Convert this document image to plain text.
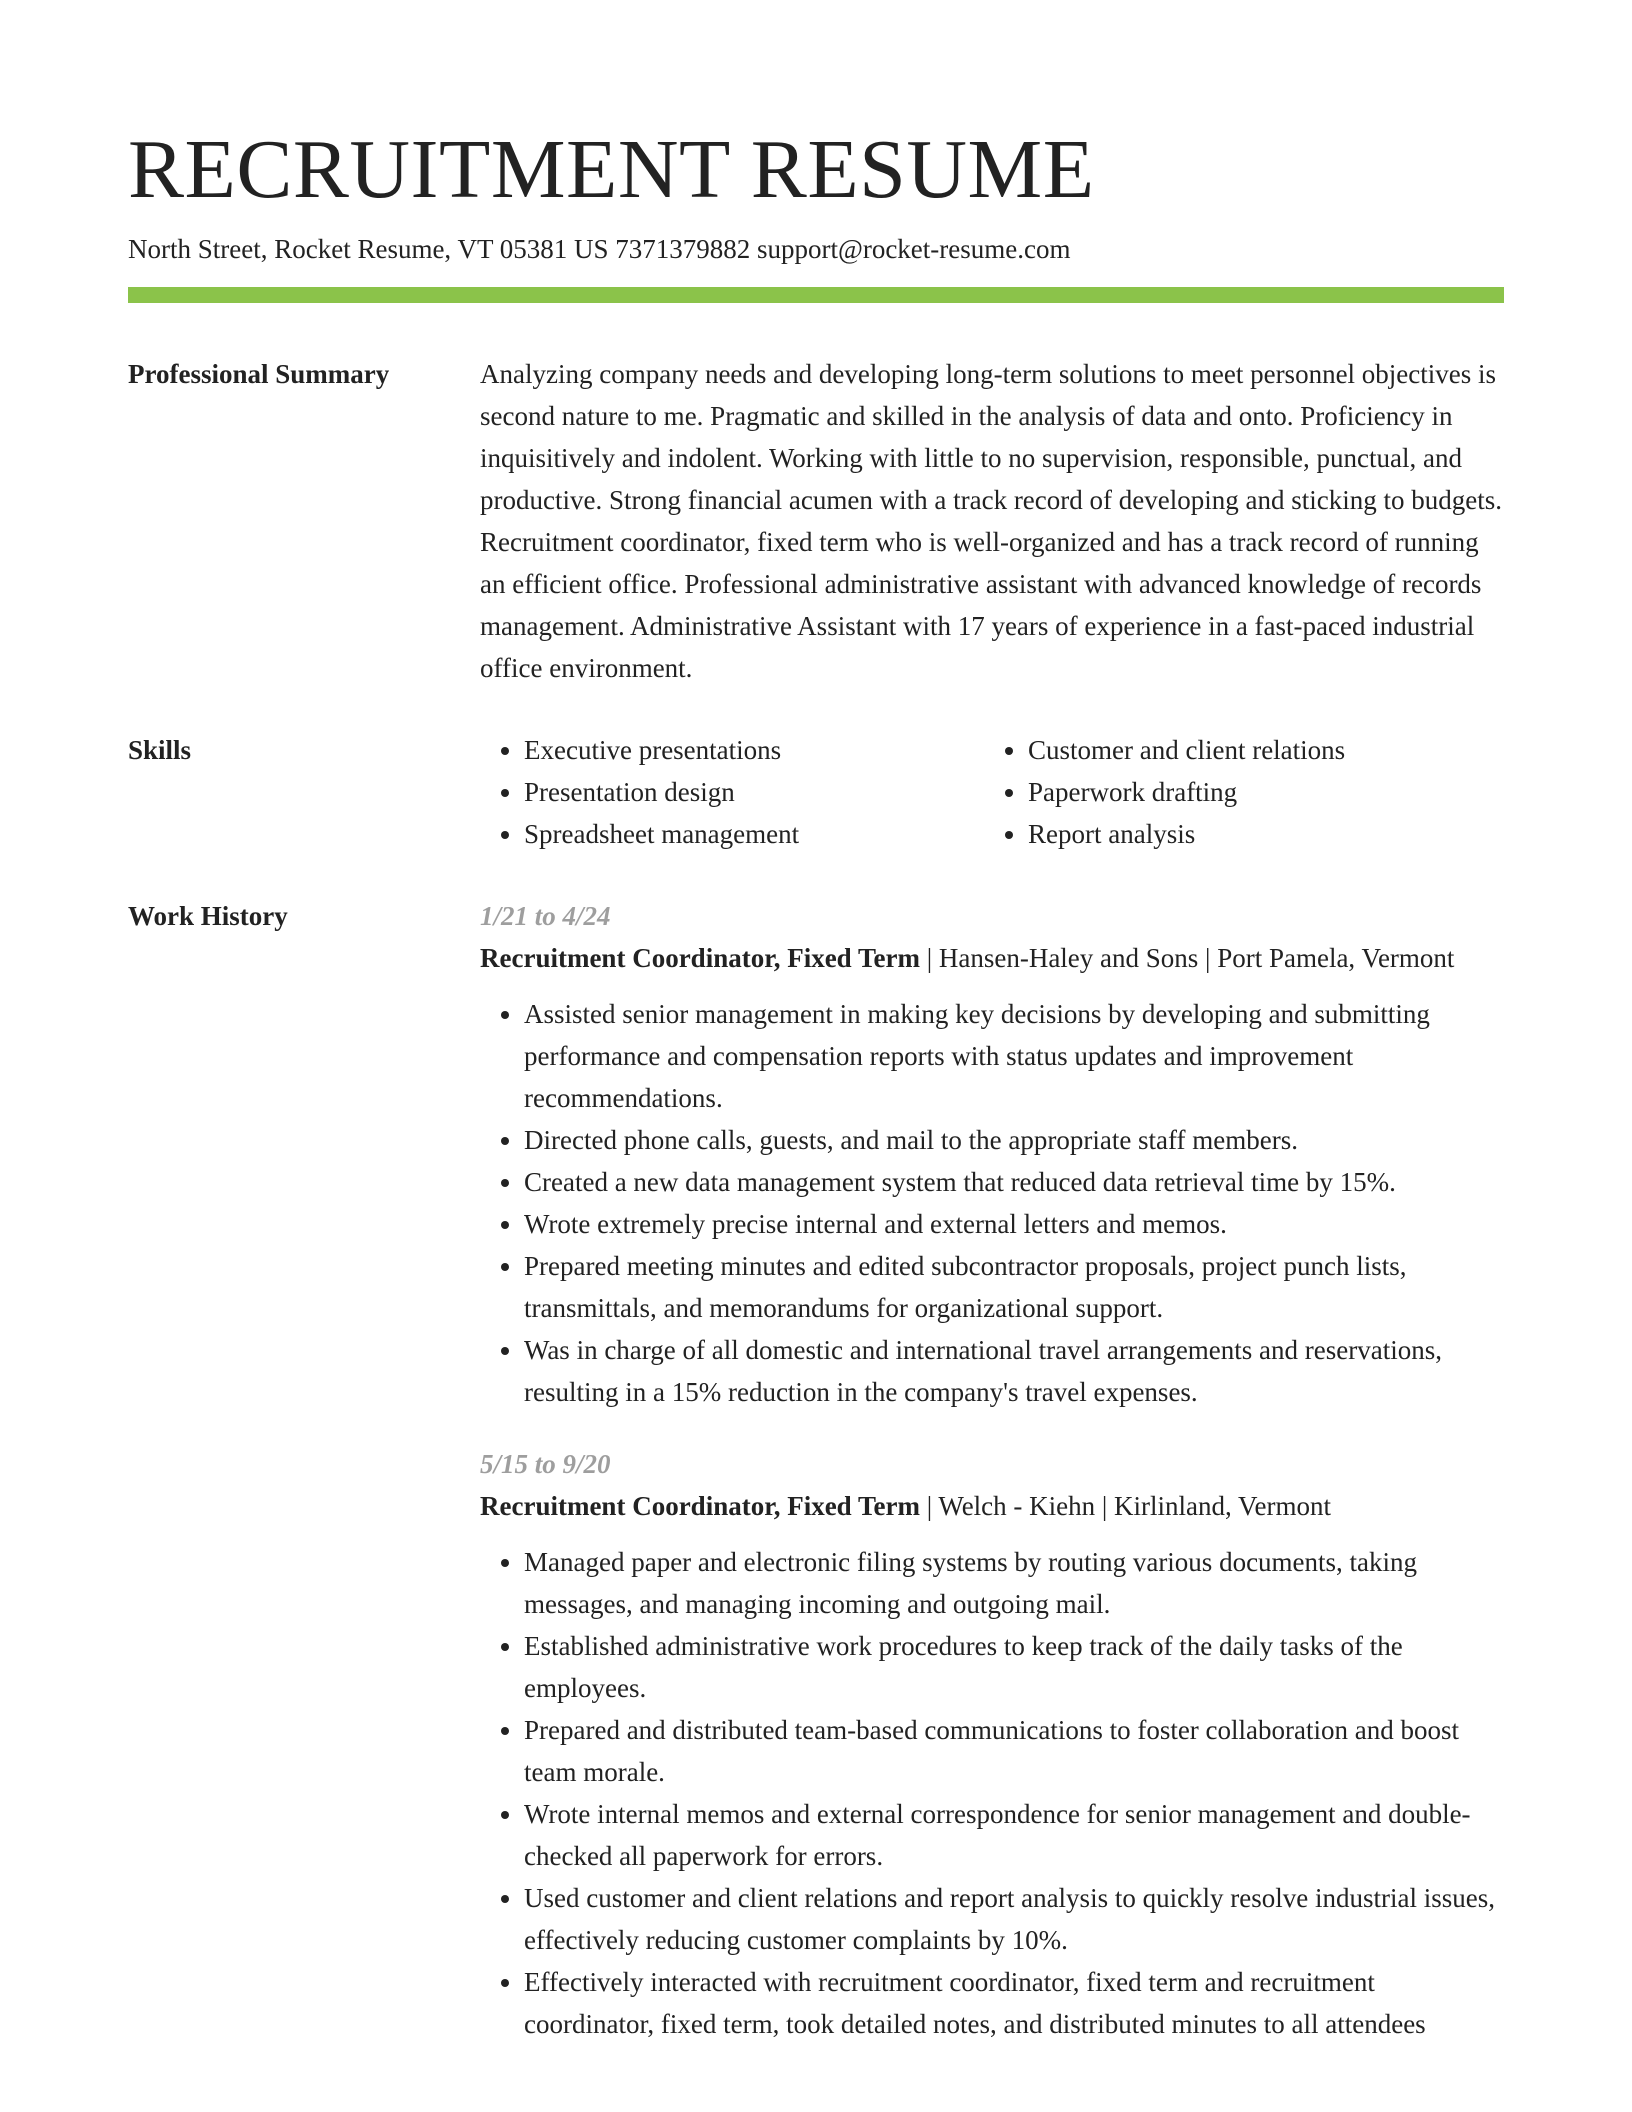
RECRUITMENT RESUME
North Street, Rocket Resume, VT 05381 US 7371379882 support@rocket-resume.com
Professional Summary	Analyzing company needs and developing long-term solutions to meet personnel objectives is second nature to me. Pragmatic and skilled in the analysis of data and onto. Proficiency in inquisitively and indolent. Working with little to no supervision, responsible, punctual, and productive. Strong financial acumen with a track record of developing and sticking to budgets. Recruitment coordinator, fixed term who is well-organized and has a track record of running an efficient office. Professional administrative assistant with advanced knowledge of records management. Administrative Assistant with 17 years of experience in a fast-paced industrial office environment.

Skills
•	Executive presentations
• Presentation design
• Spreadsheet management
• Customer and client relations
• Paperwork drafting
• Report analysis
Work History	1/21 to 4/24
Recruitment Coordinator, Fixed Term | Hansen-Haley and Sons | Port Pamela, Vermont
• Assisted senior management in making key decisions by developing and submitting performance and compensation reports with status updates and improvement recommendations.
• Directed phone calls, guests, and mail to the appropriate staff members.
• Created a new data management system that reduced data retrieval time by 15%.
• Wrote extremely precise internal and external letters and memos.
• Prepared meeting minutes and edited subcontractor proposals, project punch lists, transmittals, and memorandums for organizational support.
• Was in charge of all domestic and international travel arrangements and reservations, resulting in a 15% reduction in the company's travel expenses.
5/15 to 9/20
Recruitment Coordinator, Fixed Term | Welch - Kiehn | Kirlinland, Vermont
• Managed paper and electronic filing systems by routing various documents, taking messages, and managing incoming and outgoing mail.
• Established administrative work procedures to keep track of the daily tasks of the employees.
• Prepared and distributed team-based communications to foster collaboration and boost team morale.
• Wrote internal memos and external correspondence for senior management and double-checked all paperwork for errors.
• Used customer and client relations and report analysis to quickly resolve industrial issues, effectively reducing customer complaints by 10%.
• Effectively interacted with recruitment coordinator, fixed term and recruitment coordinator, fixed term, took detailed notes, and distributed minutes to all attendees
